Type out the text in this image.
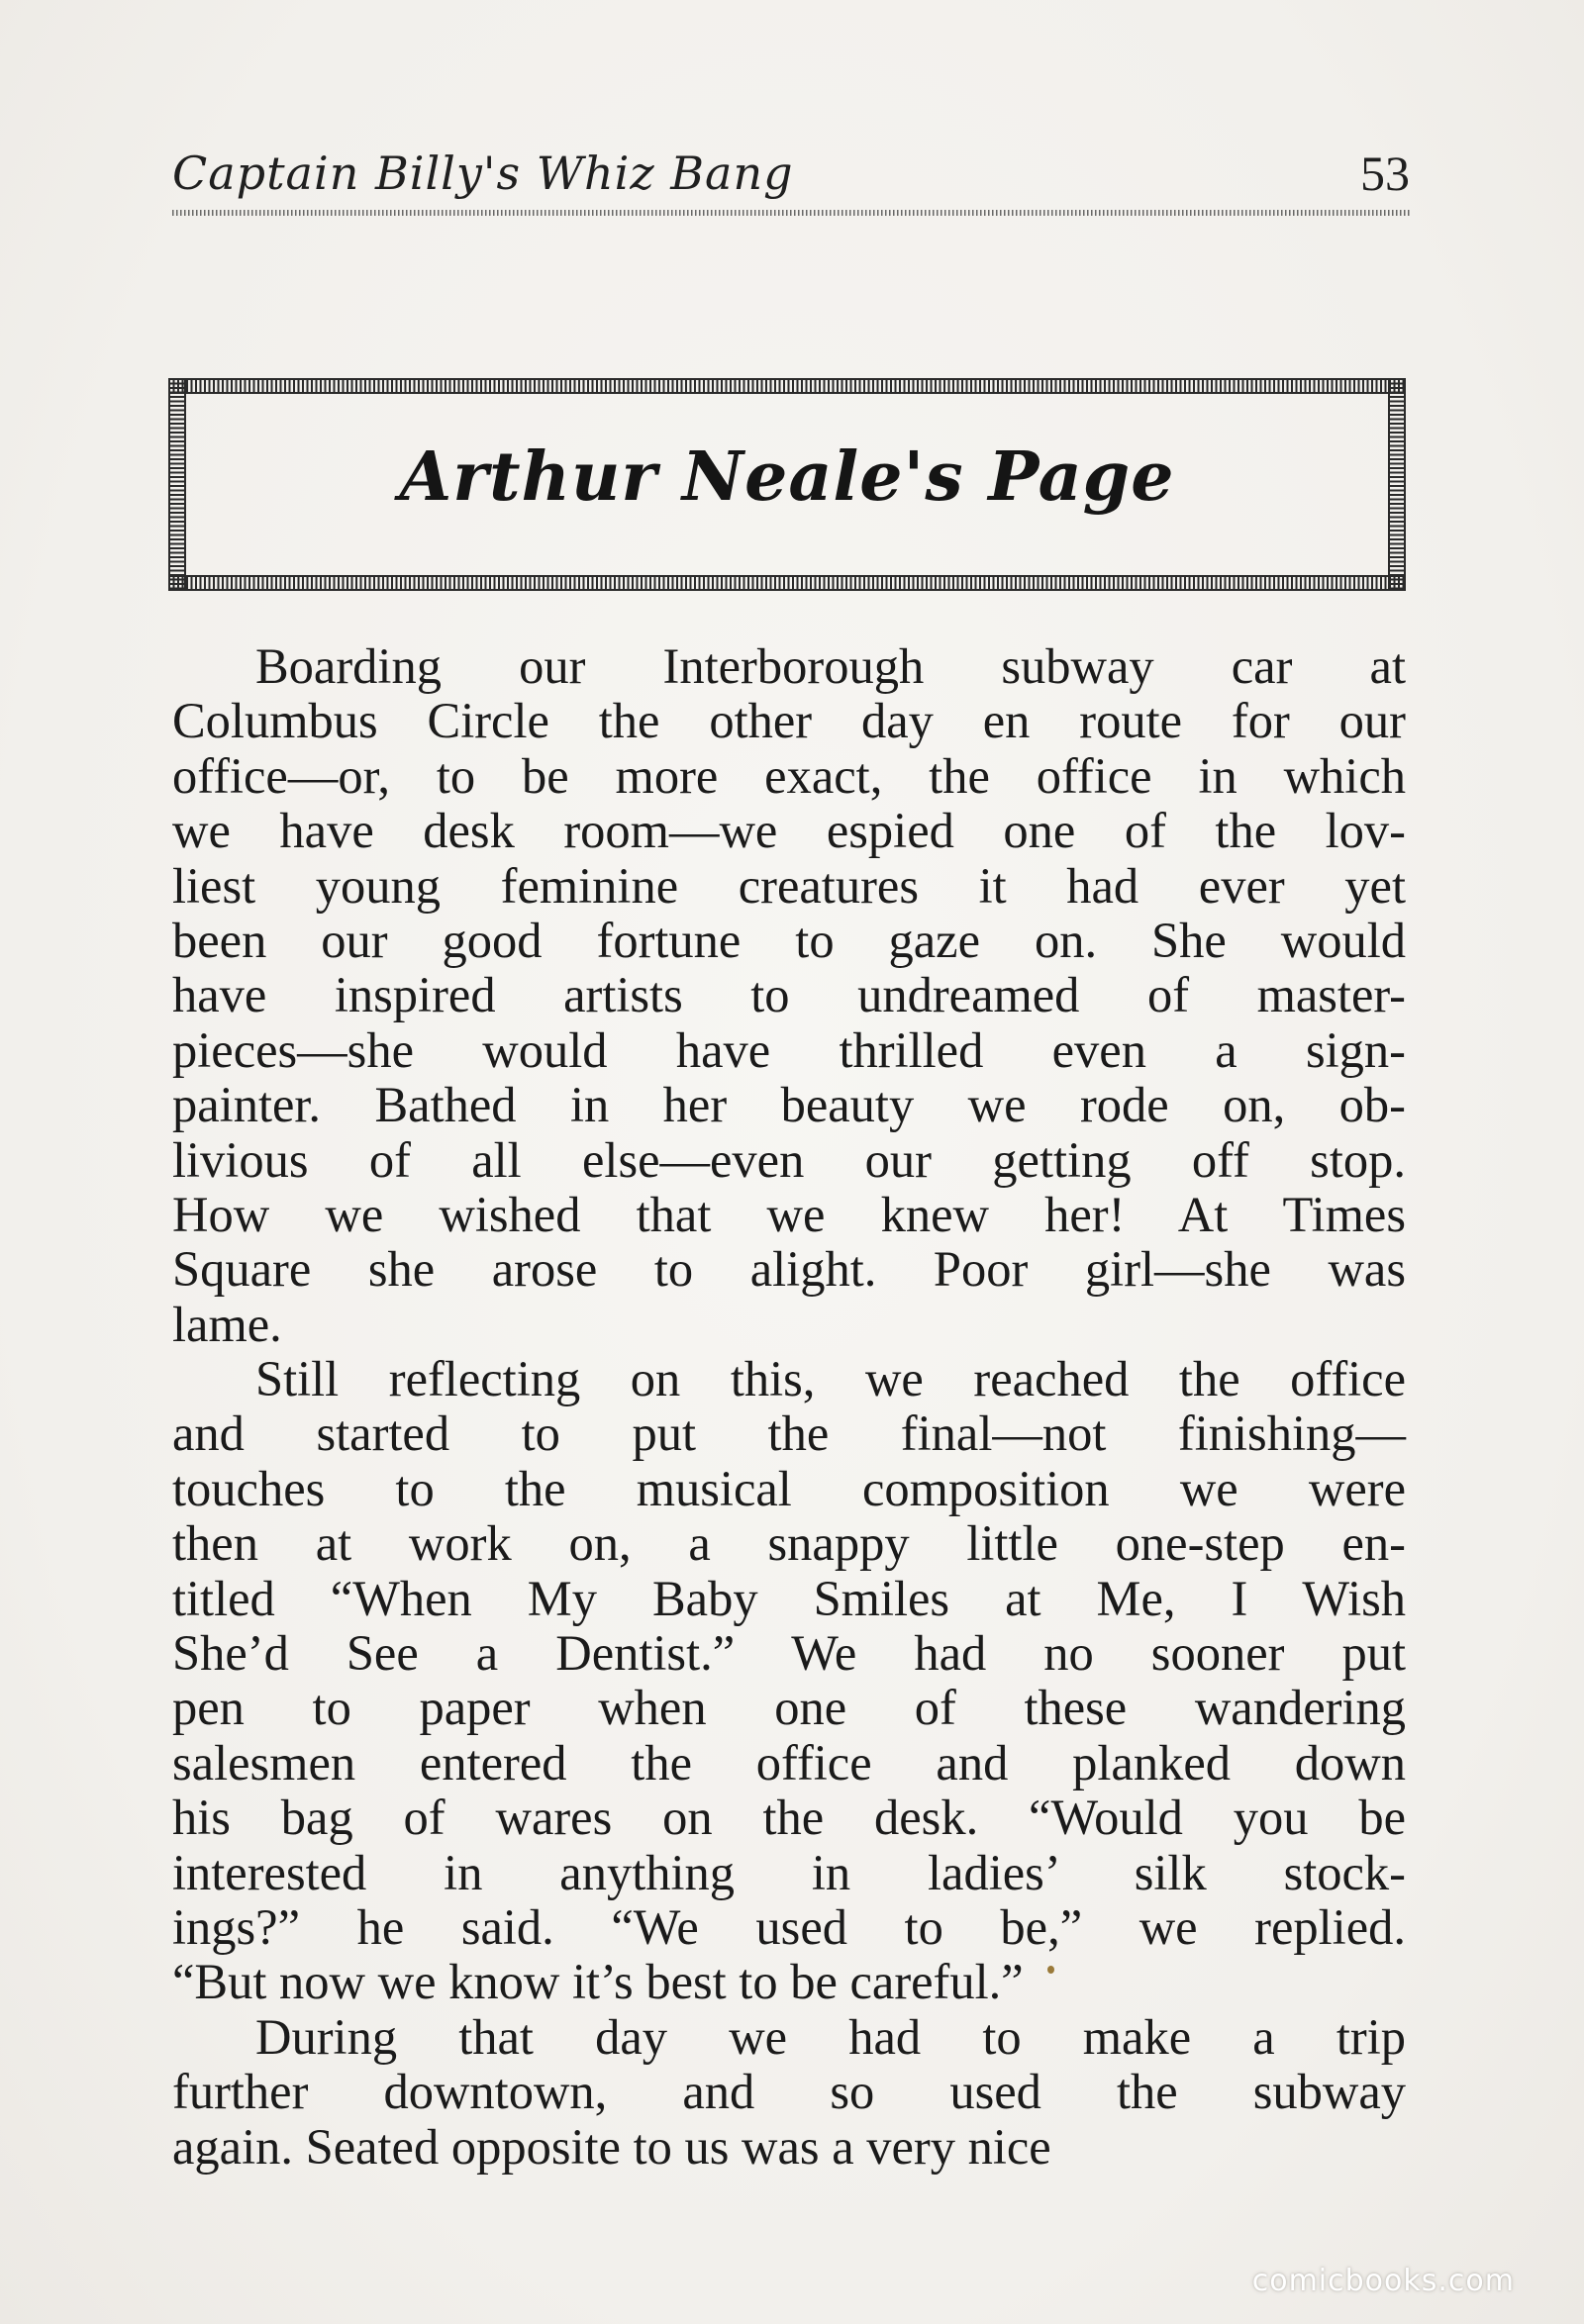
Captain Billy's Whiz Bang	53
Arthur Neale's Page
Boarding our Interborough subway car at
Columbus Circle the other day en route for our
office—or, to be more exact, the office in which
we have desk room—we espied one of the lov-
liest young feminine creatures it had ever yet
been our good fortune to gaze on. She would
have inspired artists to undreamed of master-
pieces—she would have thrilled even a sign-
painter. Bathed in her beauty we rode on, ob-
livious of all else—even our getting off stop.
How we wished that we knew her! At Times
Square she arose to alight. Poor girl—she was
lame.
Still reflecting on this, we reached the office
and started to put the final—not finishing—
touches to the musical composition we were
then at work on, a snappy little one-step en-
titled “When My Baby Smiles at Me, I Wish
She’d See a Dentist.” We had no sooner put
pen to paper when one of these wandering
salesmen entered the office and planked down
his bag of wares on the desk. “Would you be
interested in anything in ladies’ silk stock-
ings?” he said. “We used to be,” we replied.
“But now we know it’s best to be careful.”
During that day we had to make a trip
further downtown, and so used the subway
again. Seated opposite to us was a very nice
comicbooks.com
